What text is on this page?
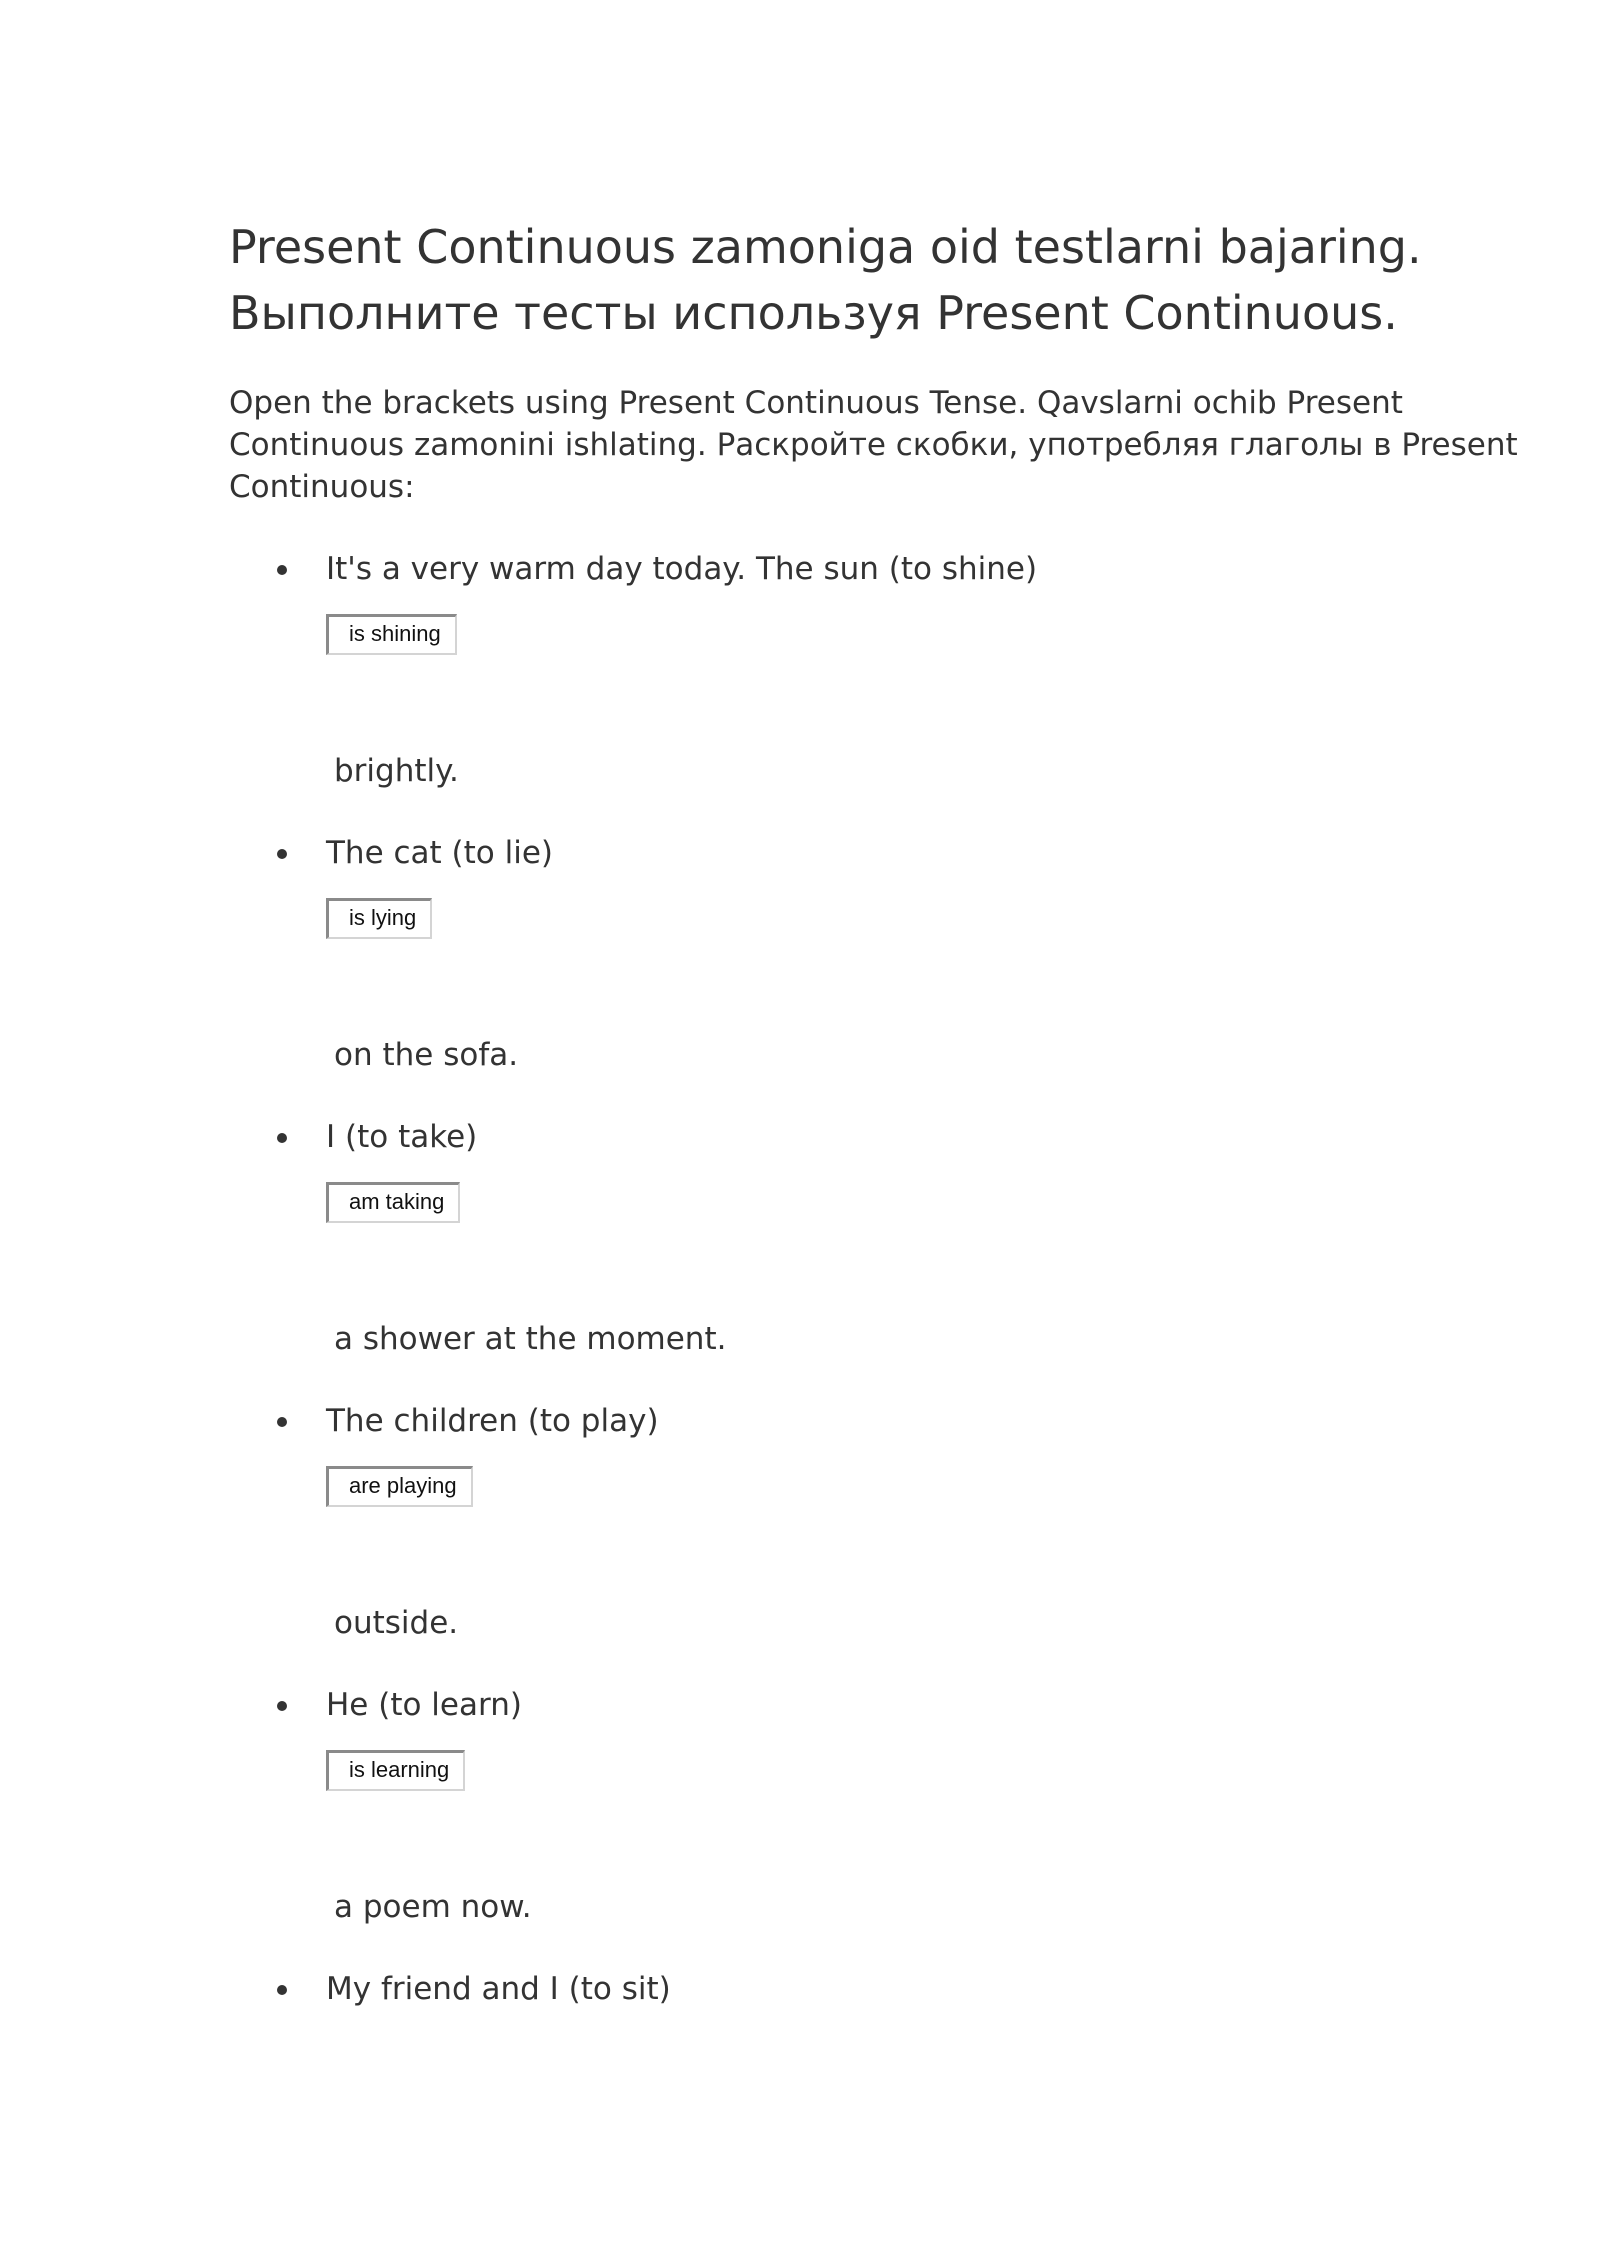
Present Continuous zamoniga oid testlarni bajaring.
Выполните тесты используя Present Continuous.

Open the brackets using Present Continuous Tense. Qavslarni ochib Present
Continuous zamonini ishlating. Раскройте скобки, употребляя глаголы в Present
Continuous:

It's a very warm day today. The sun (to shine)
is shining
brightly.
The cat (to lie)
is lying
on the sofa.
I (to take)
am taking
a shower at the moment.
The children (to play)
are playing
outside.
He (to learn)
is learning
a poem now.
My friend and I (to sit)
